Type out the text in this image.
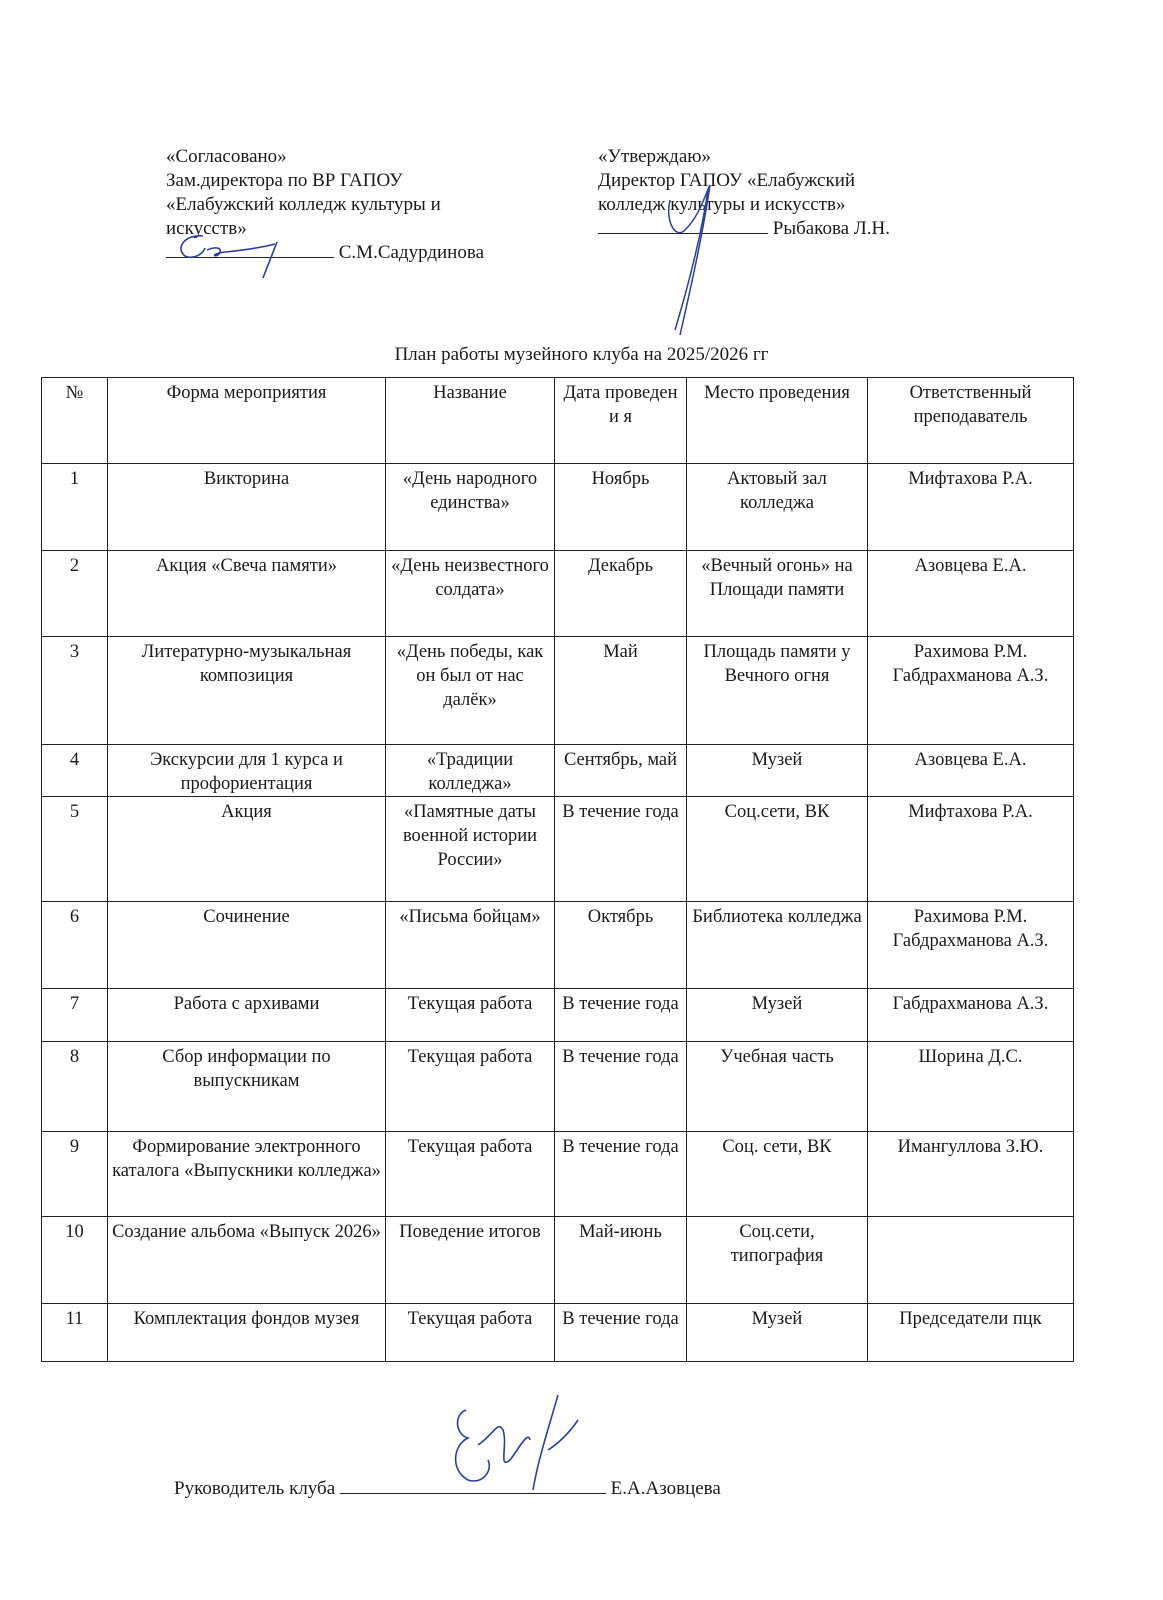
«Согласовано»
Зам.директора по ВР ГАПОУ
«Елабужский колледж культуры и
искусств»
С.М.Садурдинова
«Утверждаю»
Директор ГАПОУ «Елабужский
колледж культуры и искусств»
Рыбакова Л.Н.
План работы музейного клуба на 2025/2026 гг
№	Форма мероприятия	Название	Дата проведени я	Место проведения	Ответственный преподаватель
1	Викторина	«День народного единства»	Ноябрь	Актовый зал колледжа	Мифтахова Р.А.
2	Акция «Свеча памяти»	«День неизвестного солдата»	Декабрь	«Вечный огонь» на Площади памяти	Азовцева Е.А.
3	Литературно-музыкальная композиция	«День победы, как он был от нас далёк»	Май	Площадь памяти у Вечного огня	Рахимова Р.М. Габдрахманова А.З.
4	Экскурсии для 1 курса и профориентация	«Традиции колледжа»	Сентябрь, май	Музей	Азовцева Е.А.
5	Акция	«Памятные даты военной истории России»	В течение года	Соц.сети, ВК	Мифтахова Р.А.
6	Сочинение	«Письма бойцам»	Октябрь	Библиотека колледжа	Рахимова Р.М. Габдрахманова А.З.
7	Работа с архивами	Текущая работа	В течение года	Музей	Габдрахманова А.З.
8	Сбор информации по выпускникам	Текущая работа	В течение года	Учебная часть	Шорина Д.С.
9	Формирование электронного каталога «Выпускники колледжа»	Текущая работа	В течение года	Соц. сети, ВК	Имангуллова З.Ю.
10	Создание альбома «Выпуск 2026»	Поведение итогов	Май-июнь	Соц.сети, типография	
11	Комплектация фондов музея	Текущая работа	В течение года	Музей	Председатели пцк
Руководитель клуба	Е.А.Азовцева
